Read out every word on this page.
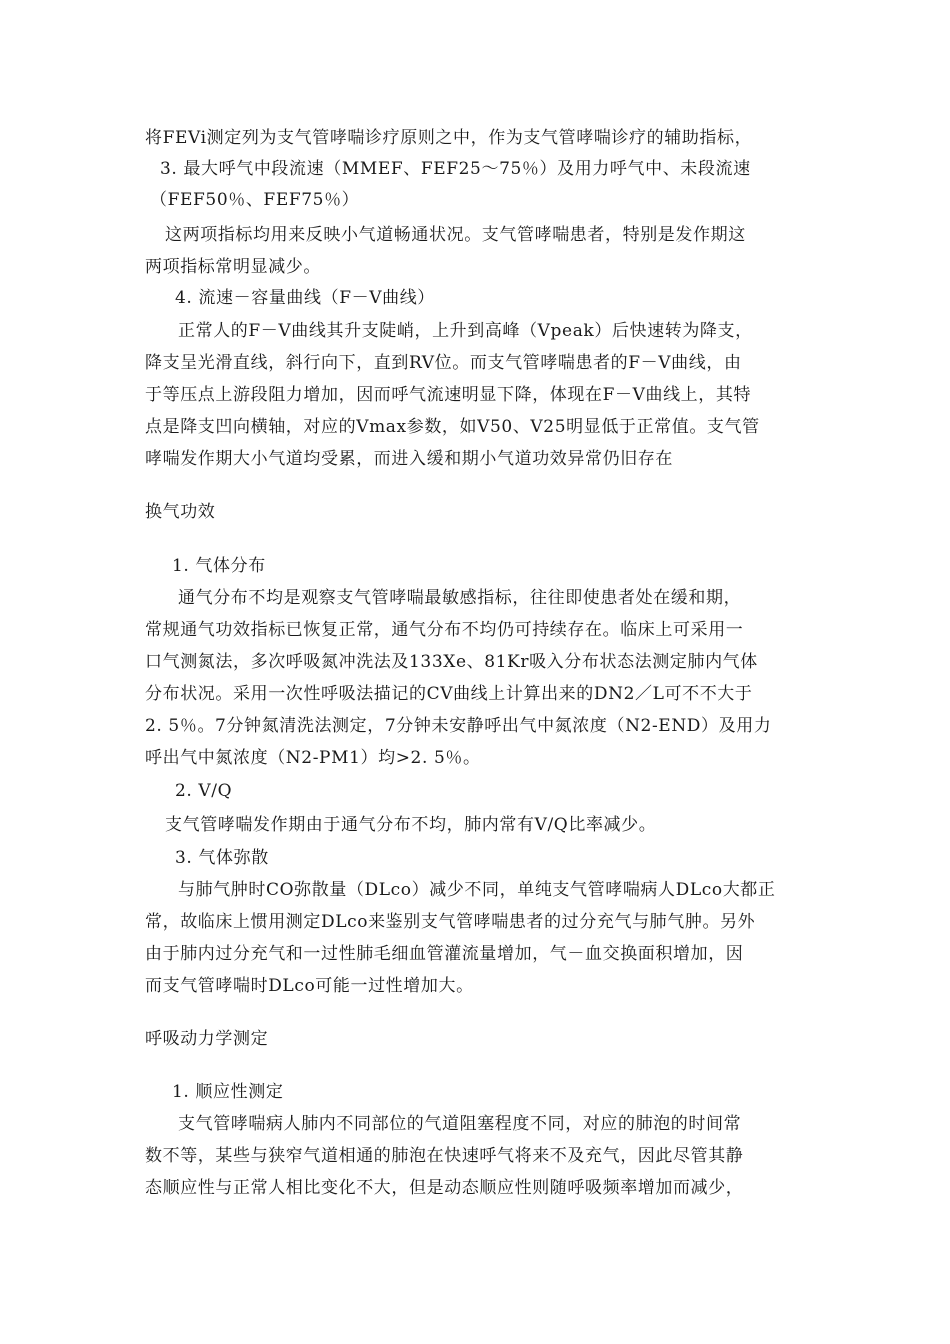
将FEVi测定列为支气管哮喘诊疗原则之中，作为支气管哮喘诊疗的辅助指标，
3. 最大呼气中段流速（MMEF、FEF25～75％）及用力呼气中、未段流速
（FEF50％、FEF75％）
这两项指标均用来反映小气道畅通状况。支气管哮喘患者，特别是发作期这
两项指标常明显减少。
4. 流速－容量曲线（F－V曲线）
正常人的F－V曲线其升支陡峭，上升到高峰（Vpeak）后快速转为降支，
降支呈光滑直线，斜行向下，直到RV位。而支气管哮喘患者的F－V曲线，由
于等压点上游段阻力增加，因而呼气流速明显下降，体现在F－V曲线上，其特
点是降支凹向横轴，对应的Vmax参数，如V50、V25明显低于正常值。支气管
哮喘发作期大小气道均受累，而进入缓和期小气道功效异常仍旧存在
换气功效
1. 气体分布
通气分布不均是观察支气管哮喘最敏感指标，往往即使患者处在缓和期，
常规通气功效指标已恢复正常，通气分布不均仍可持续存在。临床上可采用一
口气测氮法，多次呼吸氮冲洗法及133Xe、81Kr吸入分布状态法测定肺内气体
分布状况。采用一次性呼吸法描记的CV曲线上计算出来的DN2／L可不不大于
2. 5％。7分钟氮清洗法测定，7分钟未安静呼出气中氮浓度（N2-END）及用力
呼出气中氮浓度（N2-PM1）均>2. 5％。
2. V/Q
支气管哮喘发作期由于通气分布不均，肺内常有V/Q比率减少。
3. 气体弥散
与肺气肿时CO弥散量（DLco）减少不同，单纯支气管哮喘病人DLco大都正
常，故临床上惯用测定DLco来鉴别支气管哮喘患者的过分充气与肺气肿。另外
由于肺内过分充气和一过性肺毛细血管灌流量增加，气－血交换面积增加，因
而支气管哮喘时DLco可能一过性增加大。
呼吸动力学测定
1. 顺应性测定
支气管哮喘病人肺内不同部位的气道阻塞程度不同，对应的肺泡的时间常
数不等，某些与狭窄气道相通的肺泡在快速呼气将来不及充气，因此尽管其静
态顺应性与正常人相比变化不大，但是动态顺应性则随呼吸频率增加而减少，
